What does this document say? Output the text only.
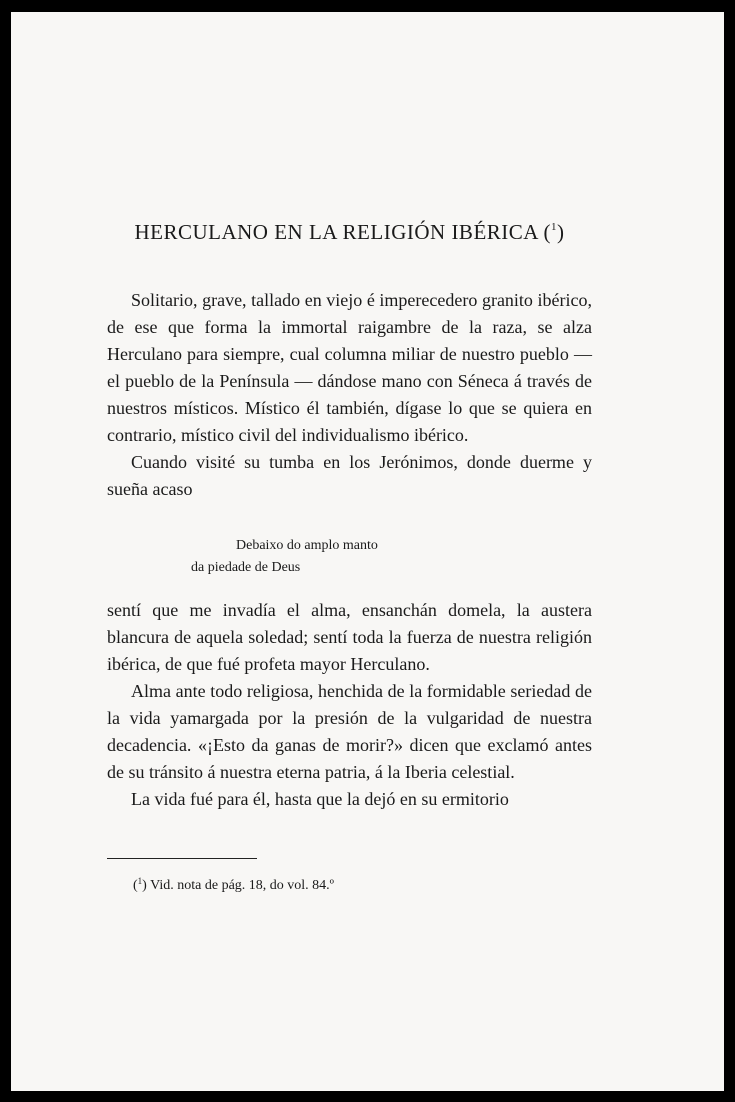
HERCULANO EN LA RELIGIÓN IBÉRICA ($^1$)

Solitario, grave, tallado en viejo é imperecedero granito ibérico, de ese que forma la immortal raigambre de la raza, se alza Herculano para siempre, cual columna miliar de nuestro pueblo — el pueblo de la Península — dándose mano con Séneca á través de nuestros místicos. Místico él también, dígase lo que se quiera en contrario, místico civil del individualismo ibérico.

Cuando visité su tumba en los Jerónimos, donde duerme y sueña acaso

Debaixo do amplo manto
da piedade de Deus

sentí que me invadía el alma, ensanchán domela, la austera blancura de aquela soledad; sentí toda la fuerza de nuestra religión ibérica, de que fué profeta mayor Herculano.

Alma ante todo religiosa, henchida de la formidable seriedad de la vida yamargada por la presión de la vulgaridad de nuestra decadencia. «¡Esto da ganas de morir?» dicen que exclamó antes de su tránsito á nuestra eterna patria, á la Iberia celestial.

La vida fué para él, hasta que la dejó en su ermitorio

($^1$) Vid. nota de pág. 18, do vol. 84.º
